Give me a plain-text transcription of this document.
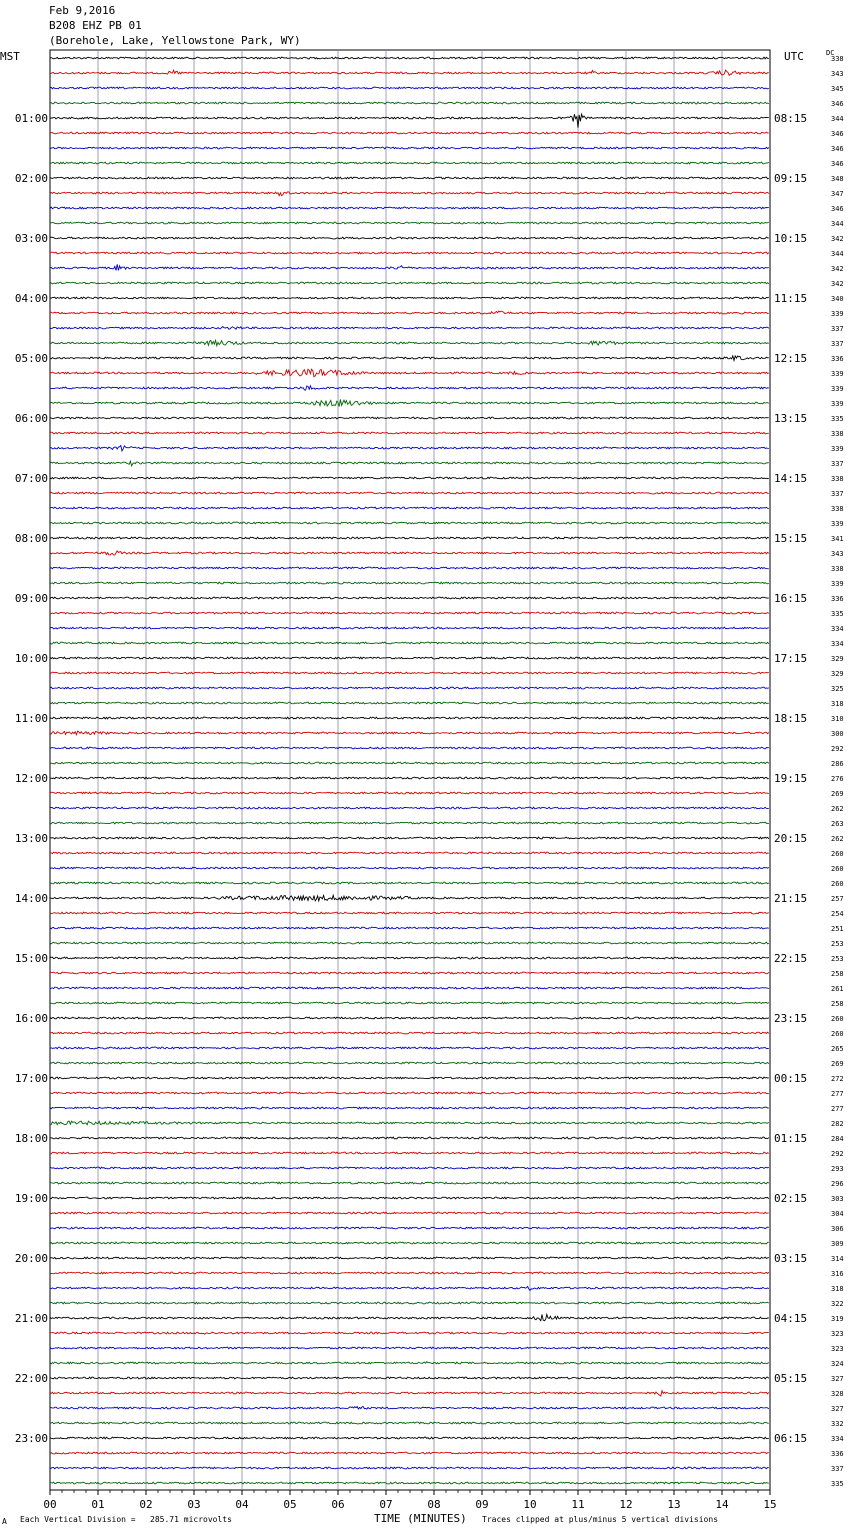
Feb 9,2016
B208 EHZ PB 01
(Borehole, Lake, Yellowstone Park, WY)
MST	UTC	DC
338
343
345
346
344
346
346
346
348
347
346
344
342
344
342
342
340
339
337
337
336
339
339
339
335
338
339
337
338
337
338
339
341
343
338
339
336
335
334
334
329
329
325
318
310
300
292
286
276
269
262
263
262
260
260
260
257
254
251
253
253
258
261
258
260
260
265
269
272
277
277
282
284
292
293
296
303
304
306
309
314
316
318
322
319
323
323
324
327
328
327
332
334
336
337
335
01:00
02:00
03:00
04:00
05:00
06:00
07:00
08:00
09:00
10:00
11:00
12:00
13:00
14:00
15:00
16:00
17:00
18:00
19:00
20:00
21:00
22:00
23:00
08:15
09:15
10:15
11:15
12:15
13:15
14:15
15:15
16:15
17:15
18:15
19:15
20:15
21:15
22:15
23:15
00:15
01:15
02:15
03:15
04:15
05:15
06:15
00	01	02	03	04	05	06	07	08	09	10	11	12	13	14	15
A Each Vertical Division =   285.71 microvolts	TIME (MINUTES) Traces clipped at plus/minus 5 vertical divisions
